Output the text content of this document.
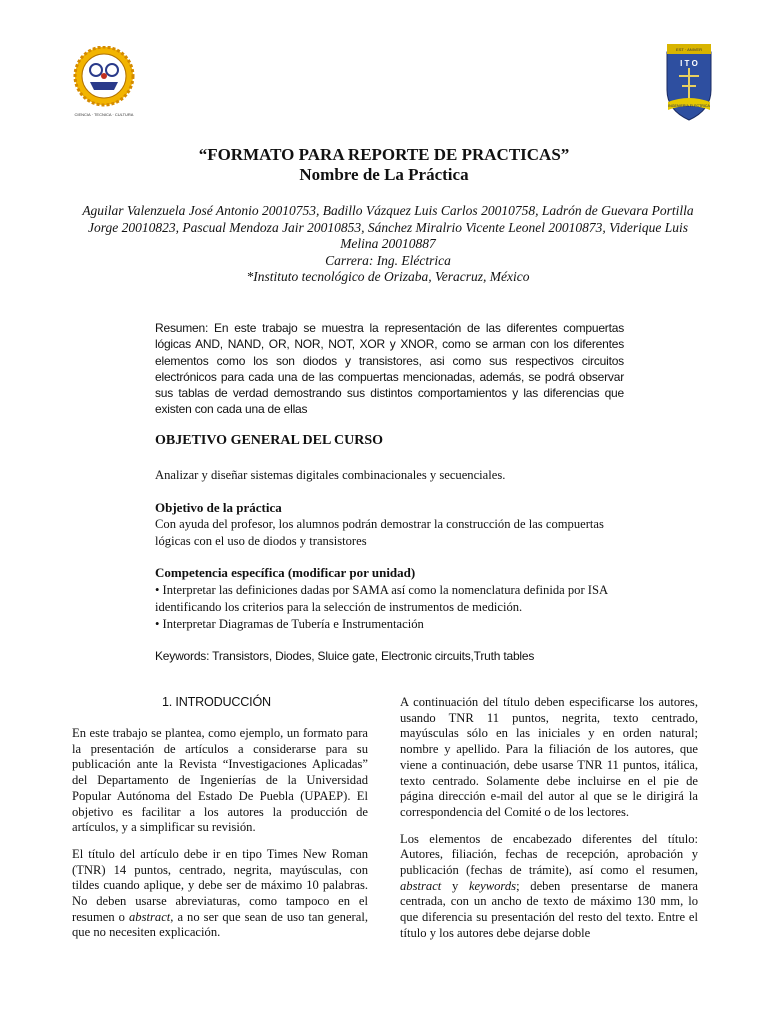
CIENCIA · TECNICA · CULTURA
EST · ANIVER
I T O
INGENIERIA ELECTRICA
“FORMATO PARA REPORTE DE PRACTICAS”
Nombre de La Práctica
Aguilar Valenzuela José Antonio 20010753, Badillo Vázquez Luis Carlos 20010758, Ladrón de Guevara Portilla
Jorge 20010823, Pascual Mendoza Jair 20010853, Sánchez Miralrio Vicente Leonel 20010873, Viderique Luis
Melina 20010887
Carrera: Ing. Eléctrica
*Instituto tecnológico de Orizaba, Veracruz, México
Resumen: En este trabajo se muestra la representación de las diferentes compuertas lógicas AND, NAND, OR, NOR, NOT, XOR y XNOR, como se arman con los diferentes elementos como los son diodos y transistores, asi como sus respectivos circuitos electrónicos para cada una de las compuertas mencionadas, además, se podrá observar sus tablas de verdad demostrando sus distintos comportamientos y las diferencias que existen con cada una de ellas
OBJETIVO GENERAL DEL CURSO
Analizar y diseñar sistemas digitales combinacionales y secuenciales.
Objetivo de la práctica
Con ayuda del profesor, los alumnos podrán demostrar la construcción de las compuertas lógicas con el uso de diodos y transistores
Competencia específica (modificar por unidad)
• Interpretar las definiciones dadas por SAMA así como la nomenclatura definida por ISA identificando los criterios para la selección de instrumentos de medición.
• Interpretar Diagramas de Tubería e Instrumentación
Keywords: Transistors, Diodes, Sluice gate, Electronic circuits,Truth tables
1. INTRODUCCIÓN

En este trabajo se plantea, como ejemplo, un formato para la presentación de artículos a considerarse para su publicación ante la Revista “Investigaciones Aplicadas” del Departamento de Ingenierías de la Universidad Popular Autónoma del Estado De Puebla (UPAEP). El objetivo es facilitar a los autores la producción de artículos, y a simplificar su revisión.

El título del artículo debe ir en tipo Times New Roman (TNR) 14 puntos, centrado, negrita, mayúsculas, con tildes cuando aplique, y debe ser de máximo 10 palabras. No deben usarse abreviaturas, como tampoco en el resumen o abstract, a no ser que sean de uso tan general, que no necesiten explicación.

A continuación del título deben especificarse los autores, usando TNR 11 puntos, negrita, texto centrado, mayúsculas sólo en las iniciales y en orden natural; nombre y apellido. Para la filiación de los autores, que viene a continuación, debe usarse TNR 11 puntos, itálica, texto centrado. Solamente debe incluirse en el pie de página dirección e-mail del autor al que se le dirigirá la correspondencia del Comité o de los lectores.

Los elementos de encabezado diferentes del título: Autores, filiación, fechas de recepción, aprobación y publicación (fechas de trámite), así como el resumen, abstract y keywords; deben presentarse de manera centrada, con un ancho de texto de máximo 130 mm, lo que diferencia su presentación del resto del texto. Entre el título y los autores debe dejarse doble
